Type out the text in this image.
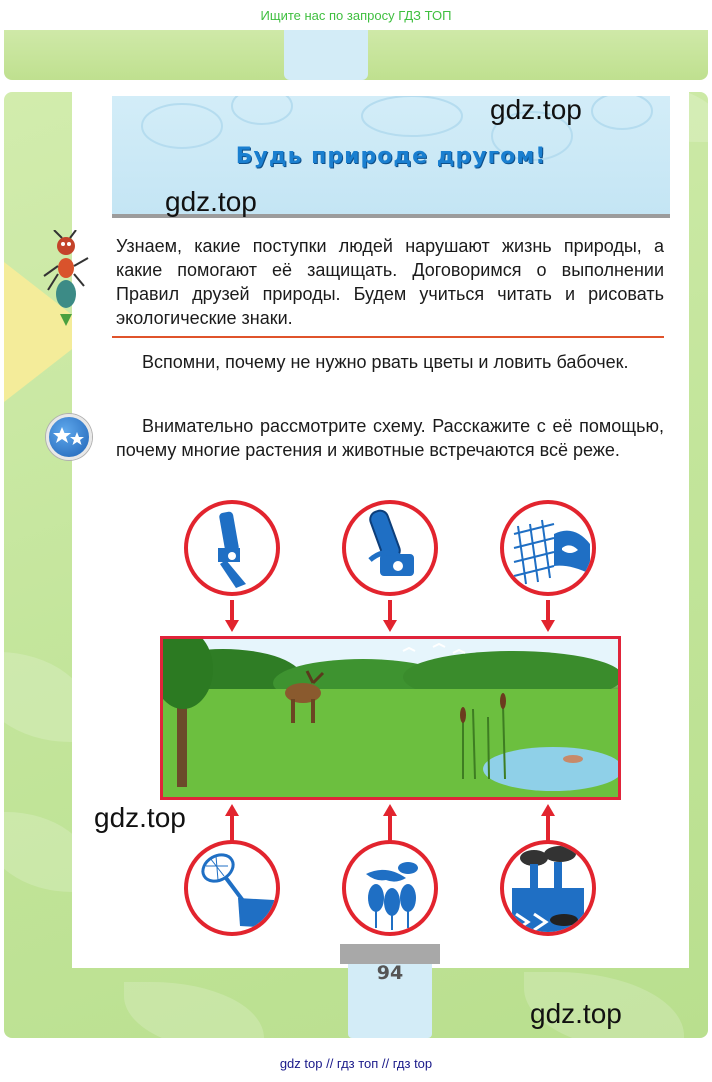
Ищите нас по запросу ГДЗ ТОП
Будь природе другом!
gdz.top
gdz.top
gdz.top
gdz.top
Узнаем, какие поступки людей нарушают жизнь природы, а какие помогают её защищать. Договоримся о выполнении Правил друзей природы. Будем учиться читать и рисовать экологические знаки.
Вспомни, почему не нужно рвать цветы и ловить бабочек.
Внимательно рассмотрите схему. Расскажите с её помощью, почему многие растения и животные встречаются всё реже.
94
gdz top // гдз топ // гдз top
